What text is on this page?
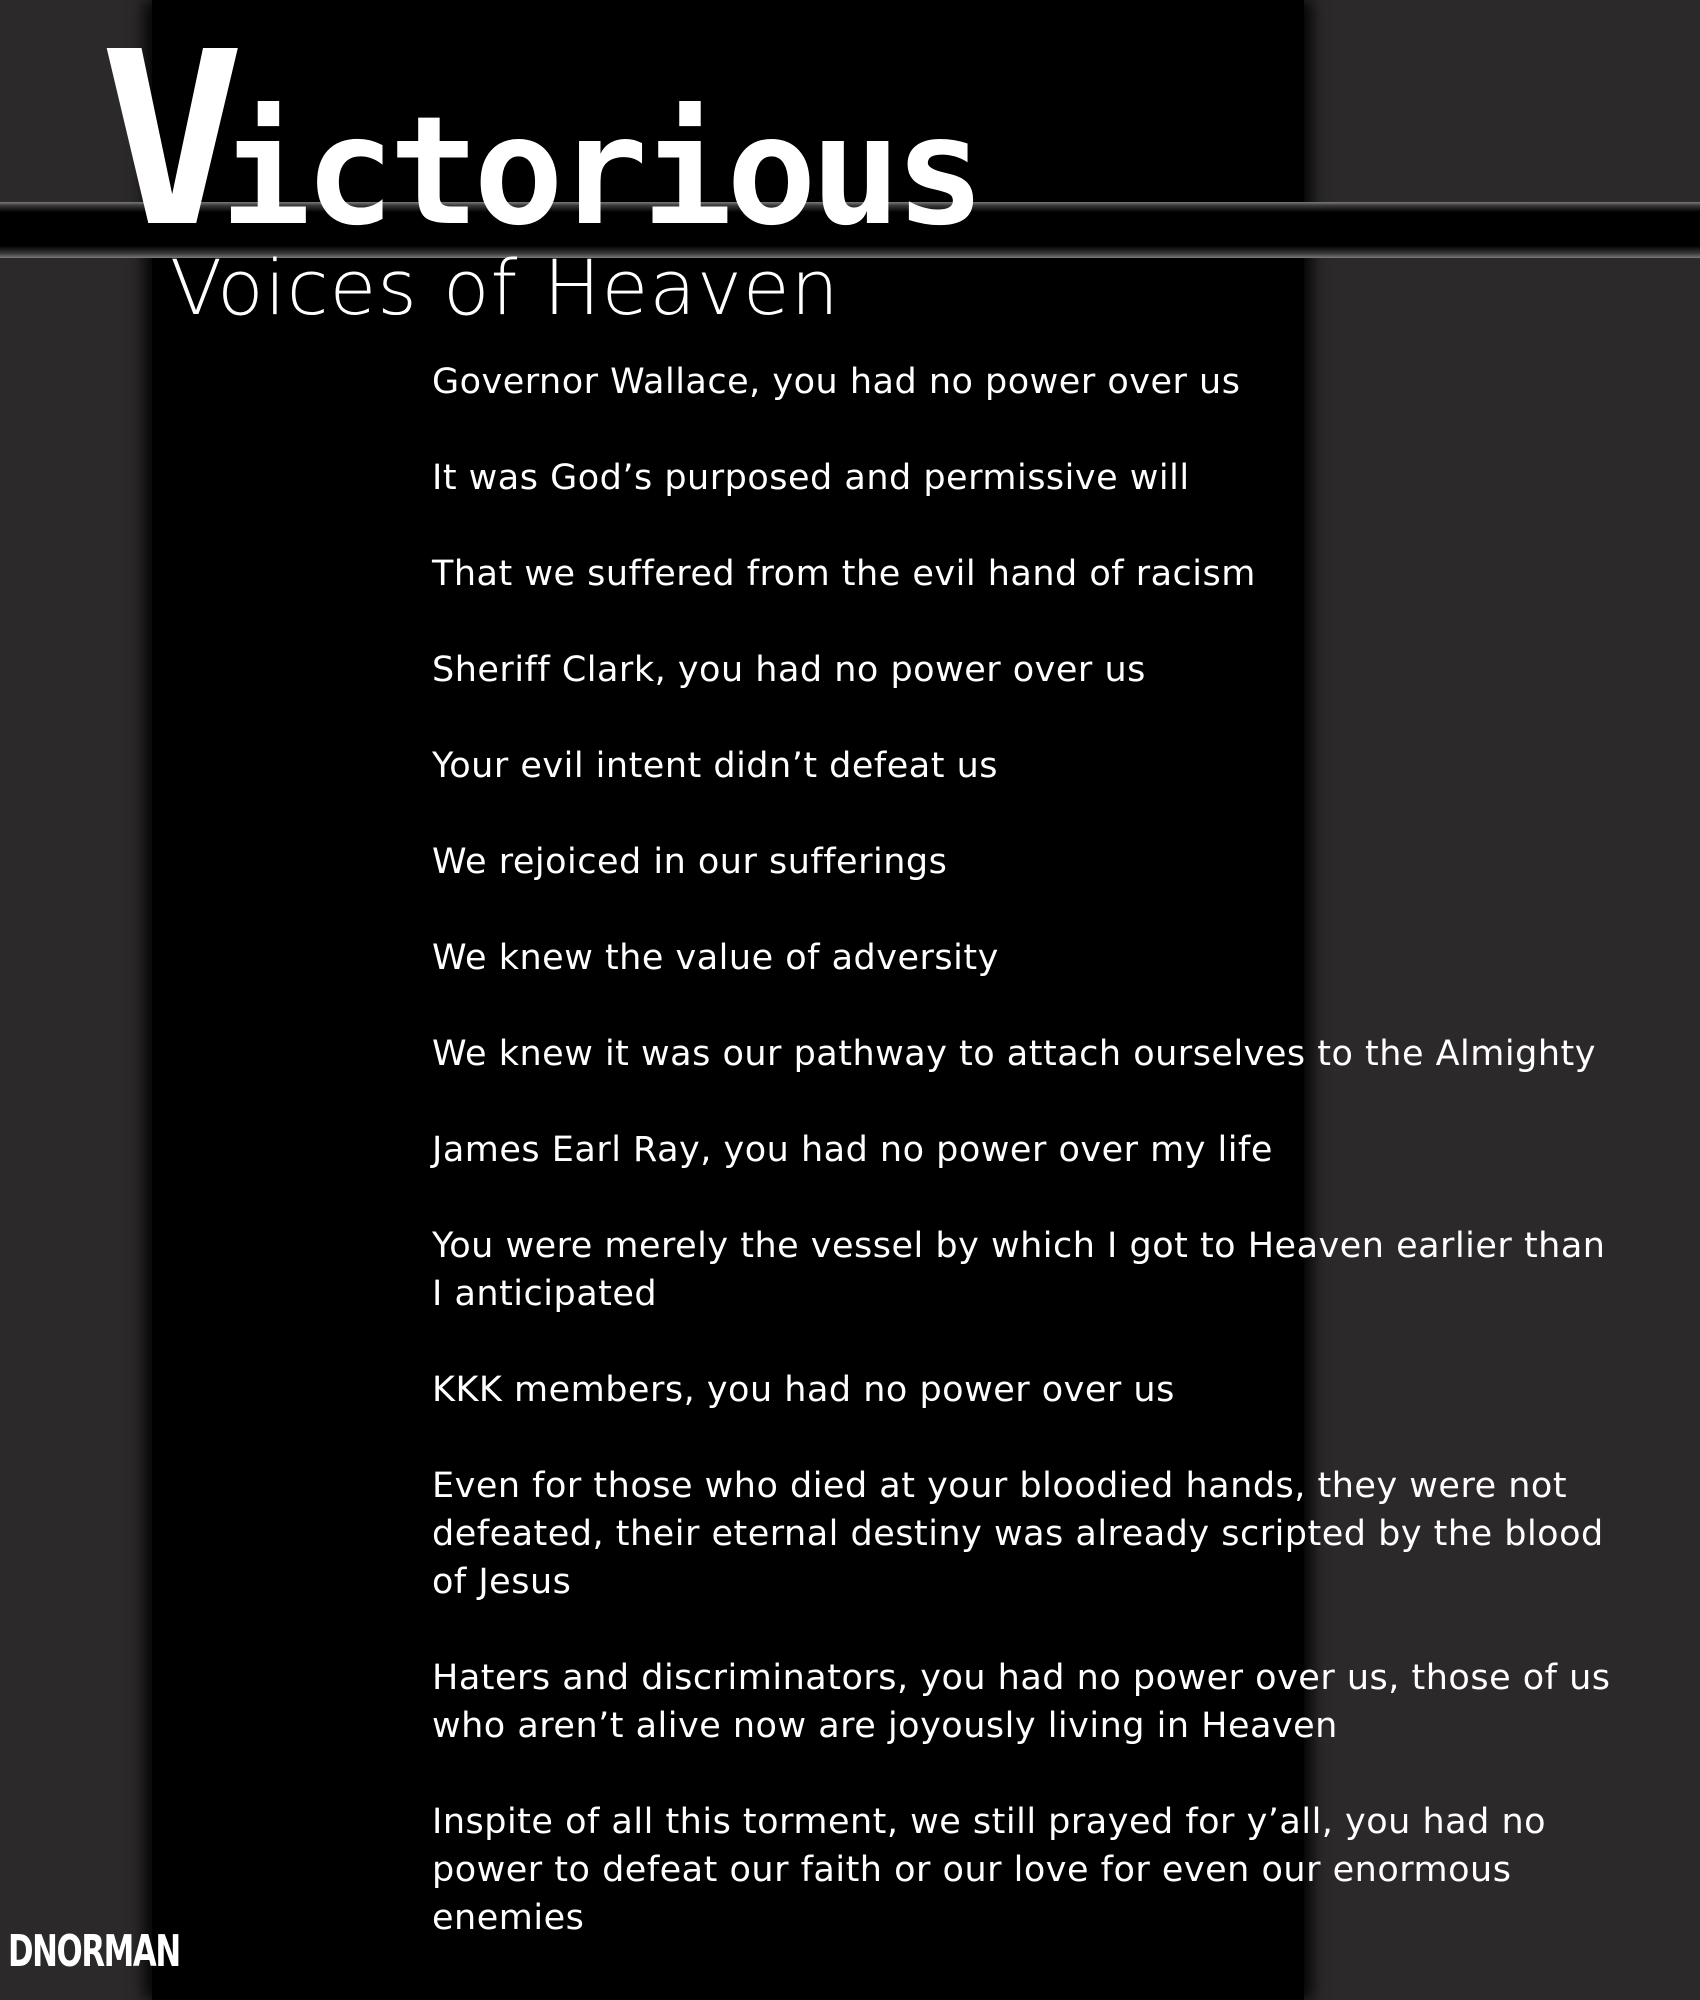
Victorious
Voices of Heaven
Governor Wallace, you had no power over us
It was God’s purposed and permissive will
That we suffered from the evil hand of racism
Sheriff Clark, you had no power over us
Your evil intent didn’t defeat us
We rejoiced in our sufferings
We knew the value of adversity
We knew it was our pathway to attach ourselves to the Almighty
James Earl Ray, you had no power over my life
You were merely the vessel by which I got to Heaven earlier than I anticipated
KKK members, you had no power over us
Even for those who died at your bloodied hands, they were not defeated, their eternal destiny was already scripted by the blood of Jesus
Haters and discriminators, you had no power over us, those of us who aren’t alive now are joyously living in Heaven
Inspite of all this torment, we still prayed for y’all, you had no power to defeat our faith or our love for even our enormous enemies
DNORMAN
